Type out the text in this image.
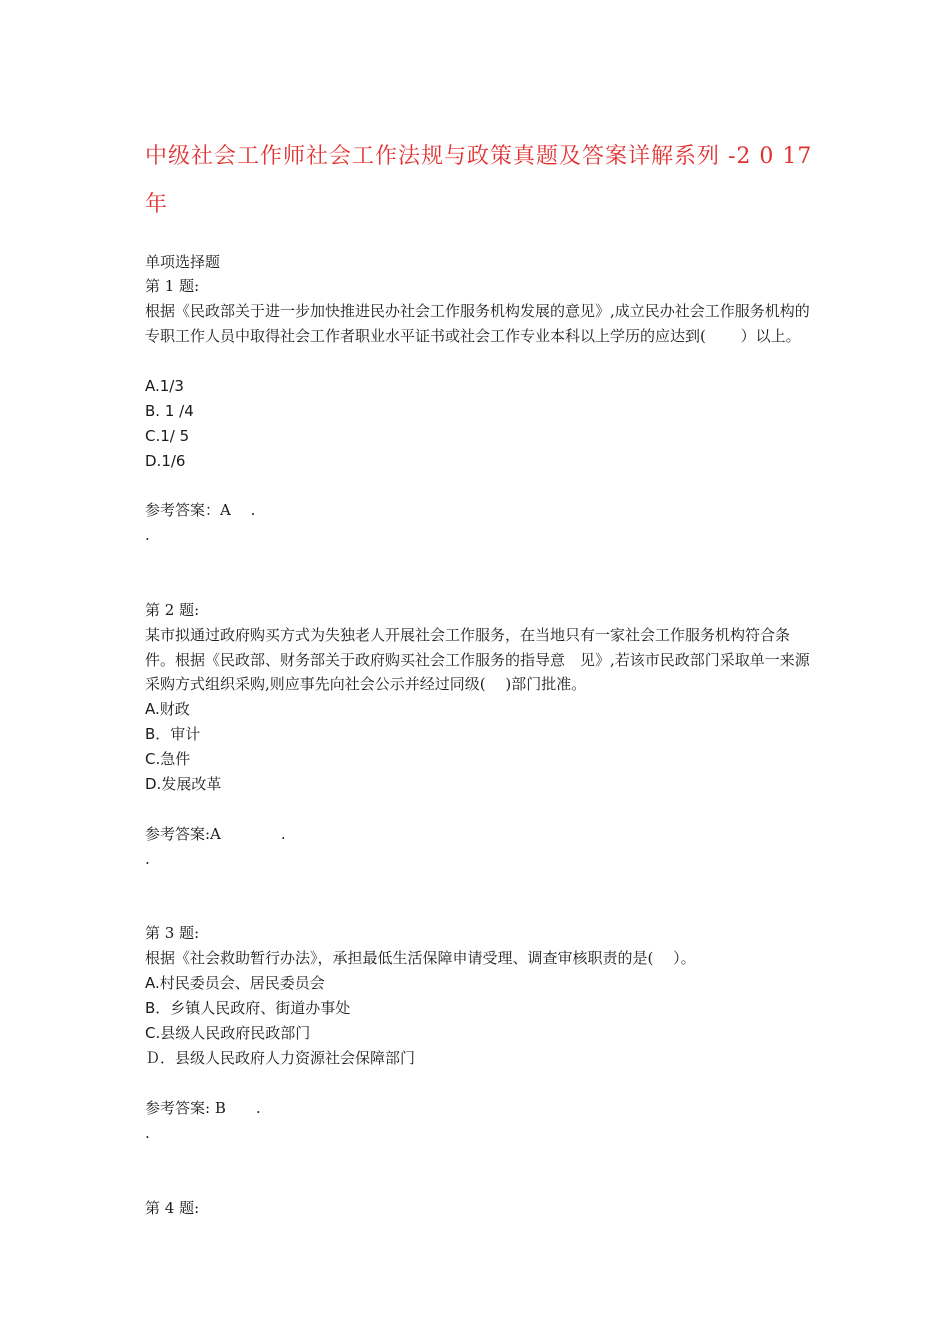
中级社会工作师社会工作法规与政策真题及答案详解系列 -2 0 17年

单项选择题

第 1 题:

根据《民政部关于进一步加快推进民办社会工作服务机构发展的意见》,成立民办社会工作服务机构的专职工作人员中取得社会工作者职业水平证书或社会工作专业本科以上学历的应达到(　　 ）以上。

A.1/3

B. 1 /4

C.1/ 5

D.1/6

参考答案：A　 .

.

第 2 题:

某市拟通过政府购买方式为失独老人开展社会工作服务，在当地只有一家社会工作服务机构符合条件。根据《民政部、财务部关于政府购买社会工作服务的指导意　见》,若该市民政部门采取单一来源采购方式组织采购,则应事先向社会公示并经过同级(　 )部门批准。

A.财政

B．审计

C.急件

D.发展改革

参考答案:A　　　　.

.

第 3 题:

根据《社会救助暂行办法》，承担最低生活保障申请受理、调查审核职责的是(　 ）。

A.村民委员会、居民委员会

B．乡镇人民政府、街道办事处

C.县级人民政府民政部门

Ｄ．县级人民政府人力资源社会保障部门

参考答案: B　　.

.

第 4 题:
